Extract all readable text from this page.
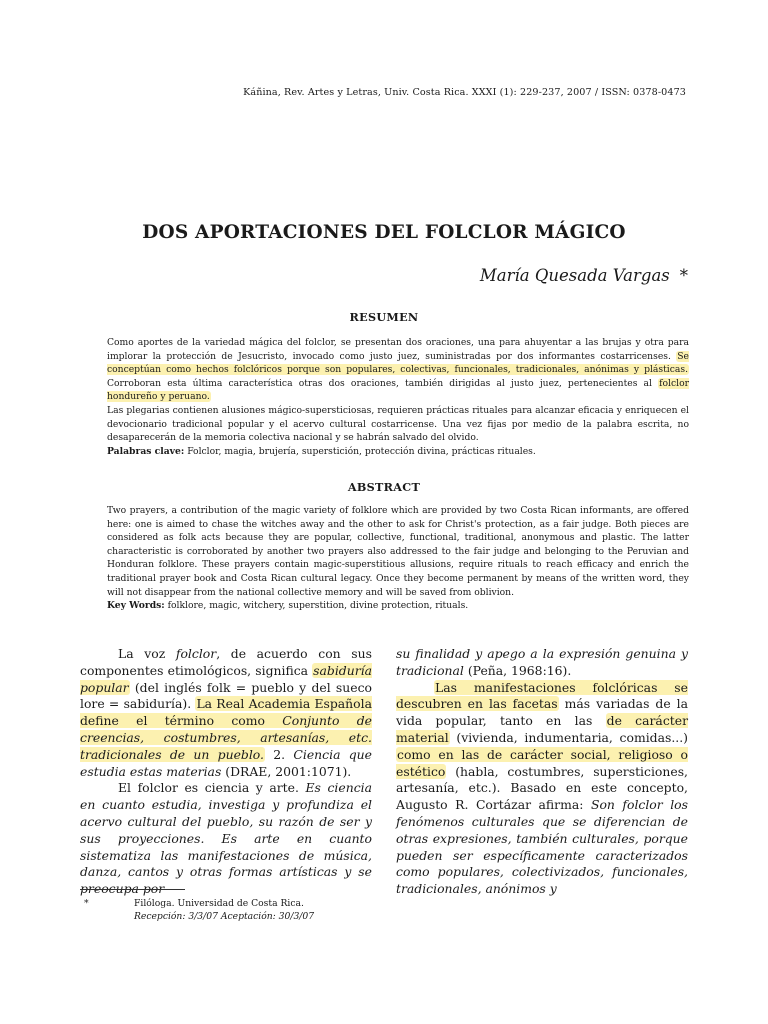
Káñina, Rev. Artes y Letras, Univ. Costa Rica. XXXI (1): 229-237, 2007 / ISSN: 0378-0473
DOS APORTACIONES DEL FOLCLOR MÁGICO
María Quesada Vargas *
RESUMEN
Como aportes de la variedad mágica del folclor, se presentan dos oraciones, una para ahuyentar a las brujas y otra para implorar la protección de Jesucristo, invocado como justo juez, suministradas por dos informantes costarricenses. Se conceptúan como hechos folclóricos porque son populares, colectivas, funcionales, tradicionales, anónimas y plásticas. Corroboran esta última característica otras dos oraciones, también dirigidas al justo juez, pertenecientes al folclor hondureño y peruano.
Las plegarias contienen alusiones mágico-supersticiosas, requieren prácticas rituales para alcanzar eficacia y enriquecen el devocionario tradicional popular y el acervo cultural costarricense. Una vez fijas por medio de la palabra escrita, no desaparecerán de la memoria colectiva nacional y se habrán salvado del olvido.
Palabras clave: Folclor, magia, brujería, superstición, protección divina, prácticas rituales.
ABSTRACT
Two prayers, a contribution of the magic variety of folklore which are provided by two Costa Rican informants, are offered here: one is aimed to chase the witches away and the other to ask for Christ's protection, as a fair judge. Both pieces are considered as folk acts because they are popular, collective, functional, traditional, anonymous and plastic. The latter characteristic is corroborated by another two prayers also addressed to the fair judge and belonging to the Peruvian and Honduran folklore. These prayers contain magic-superstitious allusions, require rituals to reach efficacy and enrich the traditional prayer book and Costa Rican cultural legacy. Once they become permanent by means of the written word, they will not disappear from the national collective memory and will be saved from oblivion.
Key Words: folklore, magic, witchery, superstition, divine protection, rituals.

La voz folclor, de acuerdo con sus componentes etimológicos, significa sabiduría popular (del inglés folk = pueblo y del sueco lore = sabiduría). La Real Academia Española define el término como Conjunto de creencias, costumbres, artesanías, etc. tradicionales de un pueblo. 2. Ciencia que estudia estas materias (DRAE, 2001:1071).

El folclor es ciencia y arte. Es ciencia en cuanto estudia, investiga y profundiza el acervo cultural del pueblo, su razón de ser y sus proyecciones. Es arte en cuanto sistematiza las manifestaciones de música, danza, cantos y otras formas artísticas y se preocupa por

su finalidad y apego a la expresión genuina y tradicional (Peña, 1968:16).

Las manifestaciones folclóricas se descubren en las facetas más variadas de la vida popular, tanto en las de carácter material (vivienda, indumentaria, comidas...) como en las de carácter social, religioso o estético (habla, costumbres, supersticiones, artesanía, etc.). Basado en este concepto, Augusto R. Cortázar afirma: Son folclor los fenómenos culturales que se diferencian de otras expresiones, también culturales, porque pueden ser específicamente caracterizados como populares, colectivizados, funcionales, tradicionales, anónimos y

*	Filóloga. Universidad de Costa Rica.
Recepción: 3/3/07 Aceptación: 30/3/07
